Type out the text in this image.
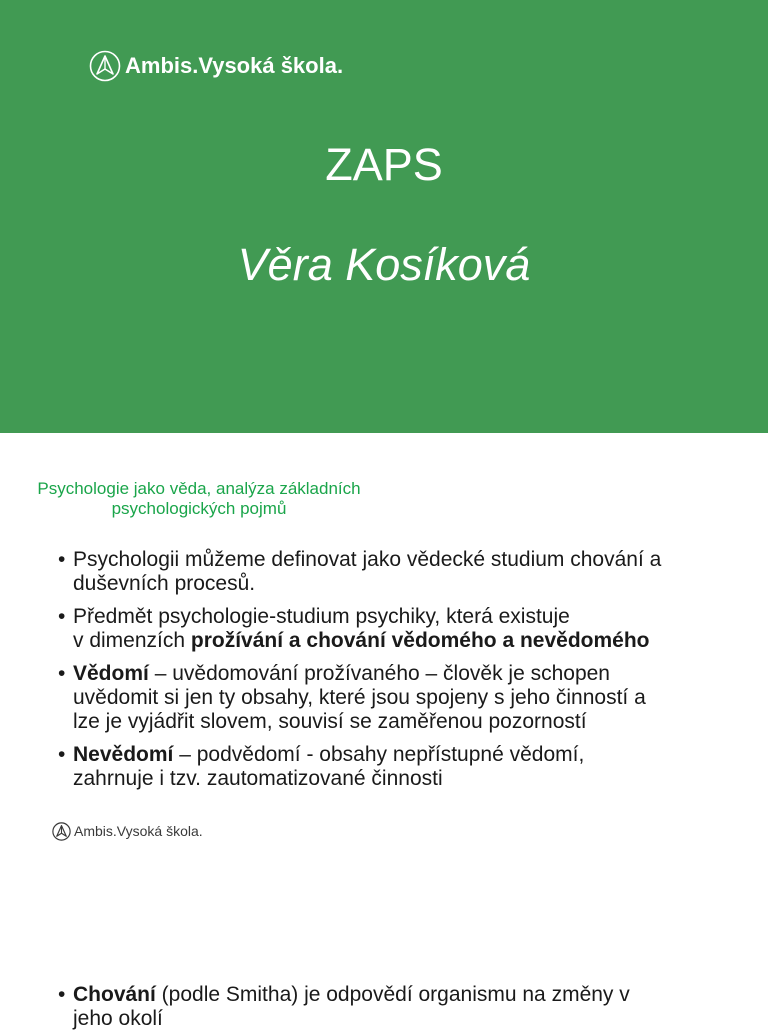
Ambis.Vysoká škola.
ZAPS
Věra Kosíková
Psychologie jako věda, analýza základních
psychologických pojmů
• Psychologii můžeme definovat jako vědecké studium chování a
duševních procesů.
• Předmět psychologie-studium psychiky, která existuje
v dimenzích prožívání a chování vědomého a nevědomého
• Vědomí – uvědomování prožívaného – člověk je schopen
uvědomit si jen ty obsahy, které jsou spojeny s jeho činností a
lze je vyjádřit slovem, souvisí se zaměřenou pozorností
• Nevědomí – podvědomí - obsahy nepřístupné vědomí,
zahrnuje i tzv. zautomatizované činnosti
Ambis.Vysoká škola.
• Chování (podle Smitha) je odpovědí organismu na změny v
jeho okolí
